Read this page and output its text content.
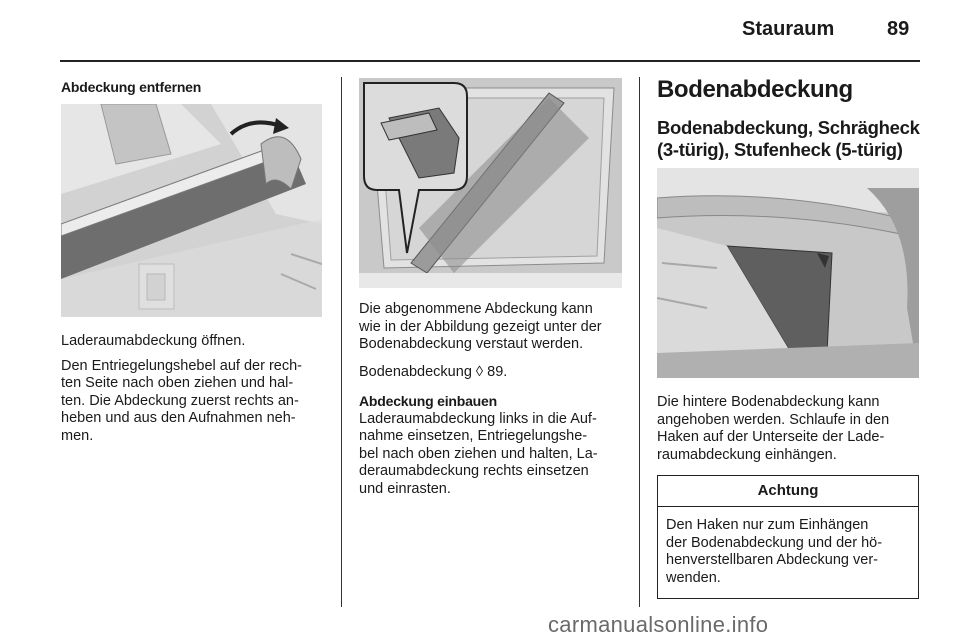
Stauraum	89
Abdeckung entfernen

Laderaumabdeckung öffnen.

Den Entriegelungshebel auf der rech-
ten Seite nach oben ziehen und hal-
ten. Die Abdeckung zuerst rechts an-
heben und aus den Aufnahmen neh-
men.
Die abgenommene Abdeckung kann
wie in der Abbildung gezeigt unter der
Bodenabdeckung verstaut werden.
Bodenabdeckung ◊ 89.
Abdeckung einbauen
Laderaumabdeckung links in die Auf-
nahme einsetzen, Entriegelungshe-
bel nach oben ziehen und halten, La-
deraumabdeckung rechts einsetzen
und einrasten.
Bodenabdeckung
Bodenabdeckung, Schrägheck
(3-türig), Stufenheck (5-türig)
Die hintere Bodenabdeckung kann
angehoben werden. Schlaufe in den
Haken auf der Unterseite der Lade-
raumabdeckung einhängen.
Achtung
Den Haken nur zum Einhängen
der Bodenabdeckung und der hö-
henverstellbaren Abdeckung ver-
wenden.
carmanualsonline.info
